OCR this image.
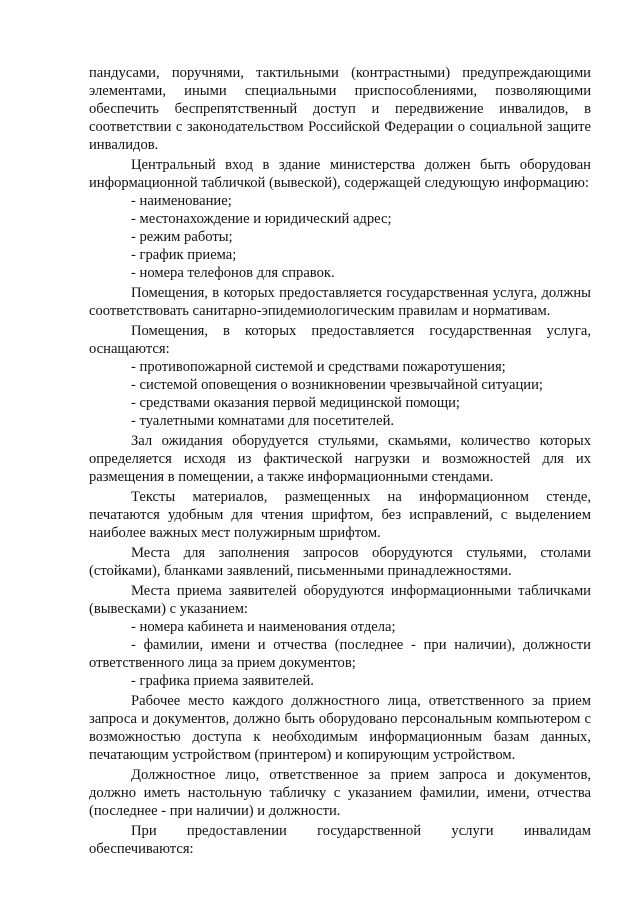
пандусами, поручнями, тактильными (контрастными) предупреждающими элементами, иными специальными приспособлениями, позволяющими обеспечить беспрепятственный доступ и передвижение инвалидов, в соответствии с законодательством Российской Федерации о социальной защите инвалидов.

Центральный вход в здание министерства должен быть оборудован информационной табличкой (вывеской), содержащей следующую информацию:

- наименование;

- местонахождение и юридический адрес;

- режим работы;

- график приема;

- номера телефонов для справок.

Помещения, в которых предоставляется государственная услуга, должны соответствовать санитарно-эпидемиологическим правилам и нормативам.

Помещения, в которых предоставляется государственная услуга, оснащаются:

- противопожарной системой и средствами пожаротушения;

- системой оповещения о возникновении чрезвычайной ситуации;

- средствами оказания первой медицинской помощи;

- туалетными комнатами для посетителей.

Зал ожидания оборудуется стульями, скамьями, количество которых определяется исходя из фактической нагрузки и возможностей для их размещения в помещении, а также информационными стендами.

Тексты материалов, размещенных на информационном стенде, печатаются удобным для чтения шрифтом, без исправлений, с выделением наиболее важных мест полужирным шрифтом.

Места для заполнения запросов оборудуются стульями, столами (стойками), бланками заявлений, письменными принадлежностями.

Места приема заявителей оборудуются информационными табличками (вывесками) с указанием:

- номера кабинета и наименования отдела;

- фамилии, имени и отчества (последнее - при наличии), должности ответственного лица за прием документов;

- графика приема заявителей.

Рабочее место каждого должностного лица, ответственного за прием запроса и документов, должно быть оборудовано персональным компьютером с возможностью доступа к необходимым информационным базам данных, печатающим устройством (принтером) и копирующим устройством.

Должностное лицо, ответственное за прием запроса и документов, должно иметь настольную табличку с указанием фамилии, имени, отчества (последнее - при наличии) и должности.

При предоставлении государственной услуги инвалидам обеспечиваются:
